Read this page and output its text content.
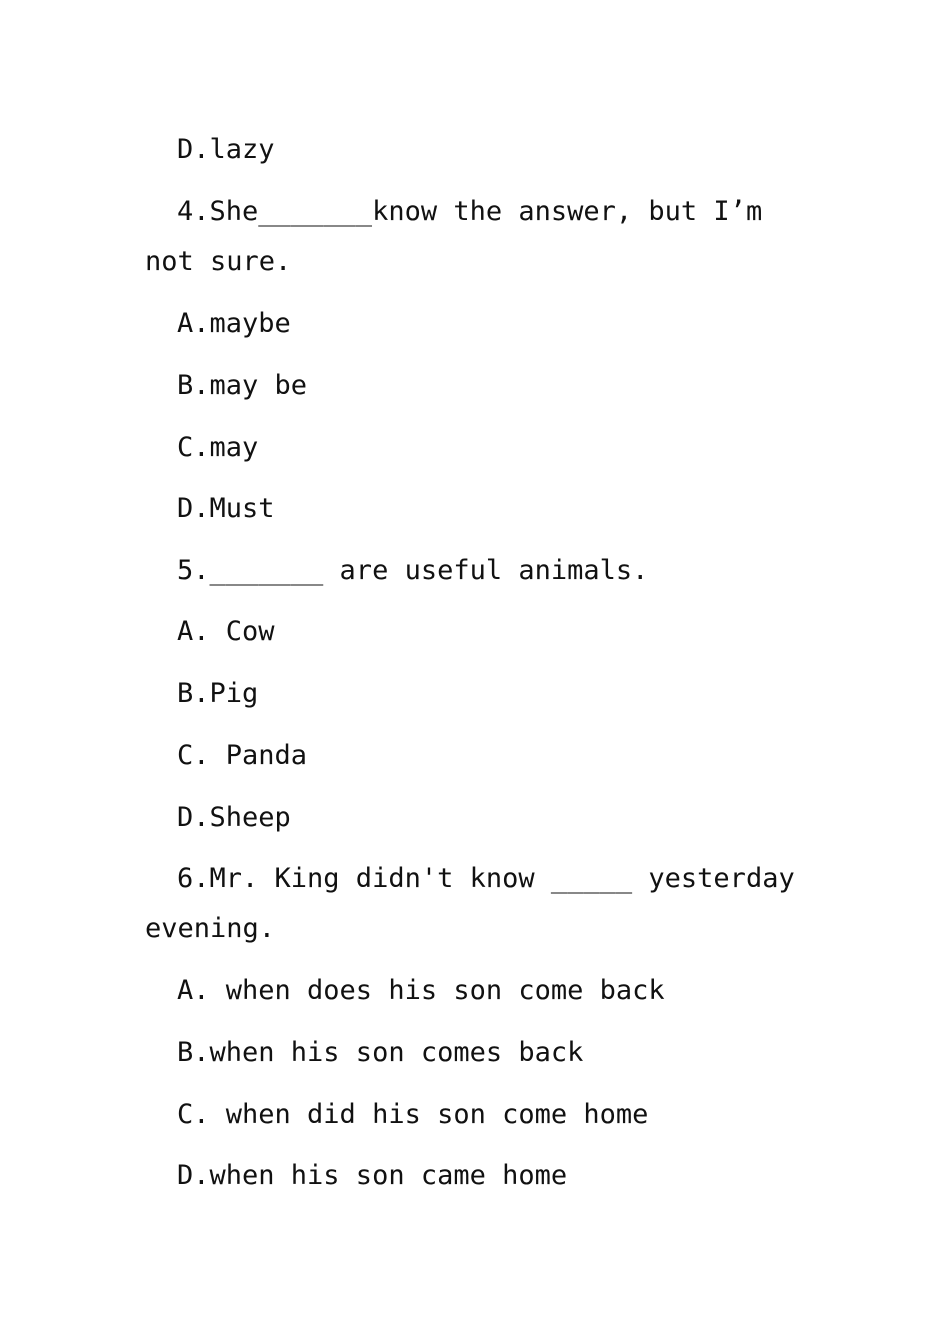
D.lazy
4.She_______know the answer, but I’m
not sure.
A.maybe
B.may be
C.may
D.Must
5._______ are useful animals.
A. Cow
B.Pig
C. Panda
D.Sheep
6.Mr. King didn't know _____ yesterday
evening.
A. when does his son come back
B.when his son comes back
C. when did his son come home
D.when his son came home
